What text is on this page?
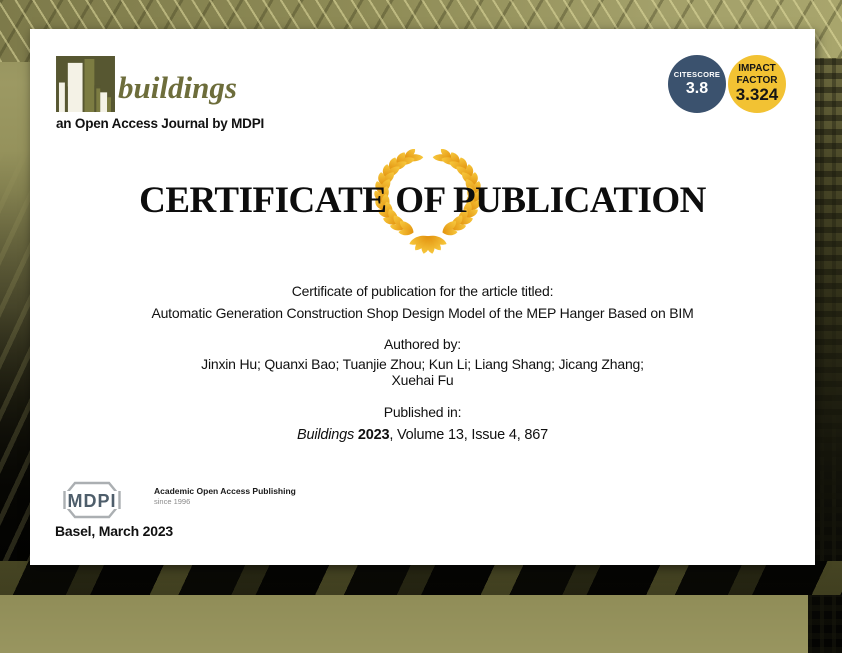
buildings
an Open Access Journal by MDPI
CITESCORE
3.8
IMPACT
FACTOR
3.324
CERTIFICATE OF PUBLICATION
Certificate of publication for the article titled:
Automatic Generation Construction Shop Design Model of the MEP Hanger Based on BIM
Authored by:
Jinxin Hu; Quanxi Bao; Tuanjie Zhou; Kun Li; Liang Shang; Jicang Zhang;
Xuehai Fu
Published in:
Buildings 2023, Volume 13, Issue 4, 867
MDPI	Academic Open Access Publishing
since 1996
Basel, March 2023
